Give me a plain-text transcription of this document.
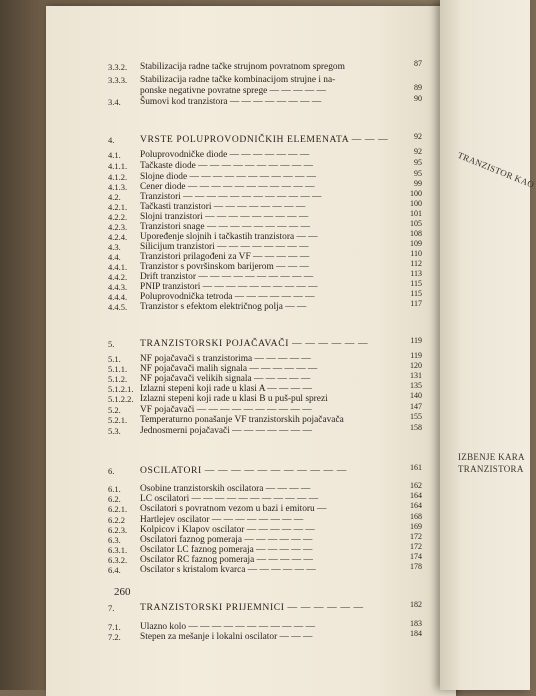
TRANZISTOR KAO
IZBENJE KARA
TRANZISTORA
3.3.2. Stabilizacija radne tačke strujnom povratnom spregom	87
3.3.3. Stabilizacija radne tačke kombinacijom strujne i na-
ponske negativne povratne sprege — — — — —	89
3.4. Šumovi kod tranzistora — — — — — — — —	90
4.	VRSTE POLUPROVODNIČKIH ELEMENATA — — —	92
4.1. Poluprovodničke diode — — — — — — —	92
4.1.1. Tačkaste diode — — — — — — — — — —	95
4.1.2. Slojne diode — — — — — — — — — — —	95
4.1.3. Cener diode — — — — — — — — — — —	99
4.2. Tranzistori — — — — — — — — — — — —	100
4.2.1. Tačkasti tranzistori — — — — — — — —	100
4.2.2. Slojni tranzistori — — — — — — — — —	101
4.2.3. Tranzistori snage — — — — — — — — —	105
4.2.4. Upoređenje slojnih i tačkastih tranzistora — —	108
4.3. Silicijum tranzistori — — — — — — — —	109
4.4. Tranzistori prilagođeni za VF — — — — —	110
4.4.1. Tranzistor s površinskom barijerom — — —	112
4.4.2. Drift tranzistor — — — — — — — — — —	113
4.4.3. PNIP tranzistori — — — — — — — — — —	115
4.4.4. Poluprovodnička tetroda — — — — — — —	115
4.4.5. Tranzistor s efektom električnog polja — —	117
5.	TRANZISTORSKI POJAČAVAČI — — — — — —	119
5.1. NF pojačavači s tranzistorima — — — — —	119
5.1.1. NF pojačavači malih signala — — — — — —	120
5.1.2. NF pojačavači velikih signala — — — — —	131
5.1.2.1. Izlazni stepeni koji rade u klasi A — — — —	135
5.1.2.2. Izlazni stepeni koji rade u klasi B u puš-pul sprezi	140
5.2. VF pojačavači — — — — — — — — — —	147
5.2.1. Temperaturno ponašanje VF tranzistorskih pojačavača	155
5.3. Jednosmerni pojačavači — — — — — — —	158
6.	OSCILATORI — — — — — — — — — — —	161
6.1. Osobine tranzistorskih oscilatora — — — —	162
6.2. LC oscilatori — — — — — — — — — — —	164
6.2.1. Oscilatori s povratnom vezom u bazi i emitoru —	164
6.2.2 Hartlejev oscilator — — — — — — — —	168
6.2.3. Kolpicov i Klapov oscilator — — — — — —	169
6.3. Oscilatori faznog pomeraja — — — — — —	172
6.3.1. Oscilator LC faznog pomeraja — — — — —	172
6.3.2. Oscilator RC faznog pomeraja — — — — —	174
6.4. Oscilator s kristalom kvarca — — — — — —	178
7.	TRANZISTORSKI PRIJEMNICI — — — — — —	182
7.1. Ulazno kolo — — — — — — — — — — —	183
7.2. Stepen za mešanje i lokalni oscilator — — —	184
260
